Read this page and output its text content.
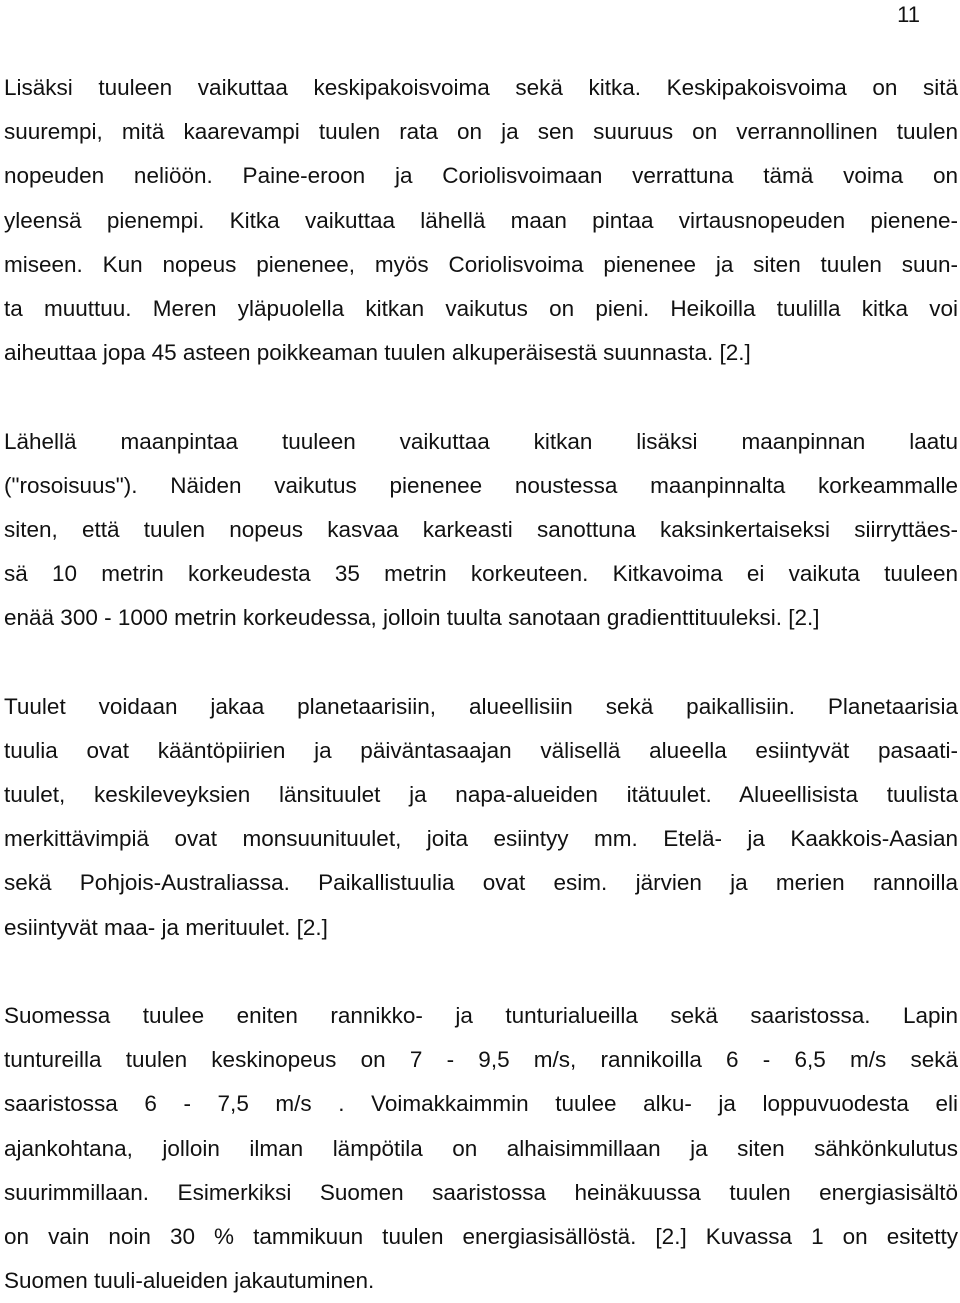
11
Lisäksi tuuleen vaikuttaa keskipakoisvoima sekä kitka. Keskipakoisvoima on sitä
suurempi, mitä kaarevampi tuulen rata on ja sen suuruus on verrannollinen tuulen
nopeuden neliöön. Paine-eroon ja Coriolisvoimaan verrattuna tämä voima on
yleensä pienempi. Kitka vaikuttaa lähellä maan pintaa virtausnopeuden pienene-
miseen. Kun nopeus pienenee, myös Coriolisvoima pienenee ja siten tuulen suun-
ta muuttuu. Meren yläpuolella kitkan vaikutus on pieni. Heikoilla tuulilla kitka voi
aiheuttaa jopa 45 asteen poikkeaman tuulen alkuperäisestä suunnasta. [2.]
Lähellä maanpintaa tuuleen vaikuttaa kitkan lisäksi maanpinnan laatu
("rosoisuus"). Näiden vaikutus pienenee noustessa maanpinnalta korkeammalle
siten, että tuulen nopeus kasvaa karkeasti sanottuna kaksinkertaiseksi siirryttäes-
sä 10 metrin korkeudesta 35 metrin korkeuteen. Kitkavoima ei vaikuta tuuleen
enää 300 - 1000 metrin korkeudessa, jolloin tuulta sanotaan gradienttituuleksi. [2.]
Tuulet voidaan jakaa planetaarisiin, alueellisiin sekä paikallisiin. Planetaarisia
tuulia ovat kääntöpiirien ja päiväntasaajan välisellä alueella esiintyvät pasaati-
tuulet, keskileveyksien länsituulet ja napa-alueiden itätuulet. Alueellisista tuulista
merkittävimpiä ovat monsuunituulet, joita esiintyy mm. Etelä- ja Kaakkois-Aasian
sekä Pohjois-Australiassa. Paikallistuulia ovat esim. järvien ja merien rannoilla
esiintyvät maa- ja merituulet. [2.]
Suomessa tuulee eniten rannikko- ja tunturialueilla sekä saaristossa. Lapin
tuntureilla tuulen keskinopeus on 7 - 9,5 m/s, rannikoilla 6 - 6,5 m/s sekä
saaristossa 6 - 7,5 m/s . Voimakkaimmin tuulee alku- ja loppuvuodesta eli
ajankohtana, jolloin ilman lämpötila on alhaisimmillaan ja siten sähkönkulutus
suurimmillaan. Esimerkiksi Suomen saaristossa heinäkuussa tuulen energiasisältö
on vain noin 30 % tammikuun tuulen energiasisällöstä. [2.] Kuvassa 1 on esitetty
Suomen tuuli-alueiden jakautuminen.
